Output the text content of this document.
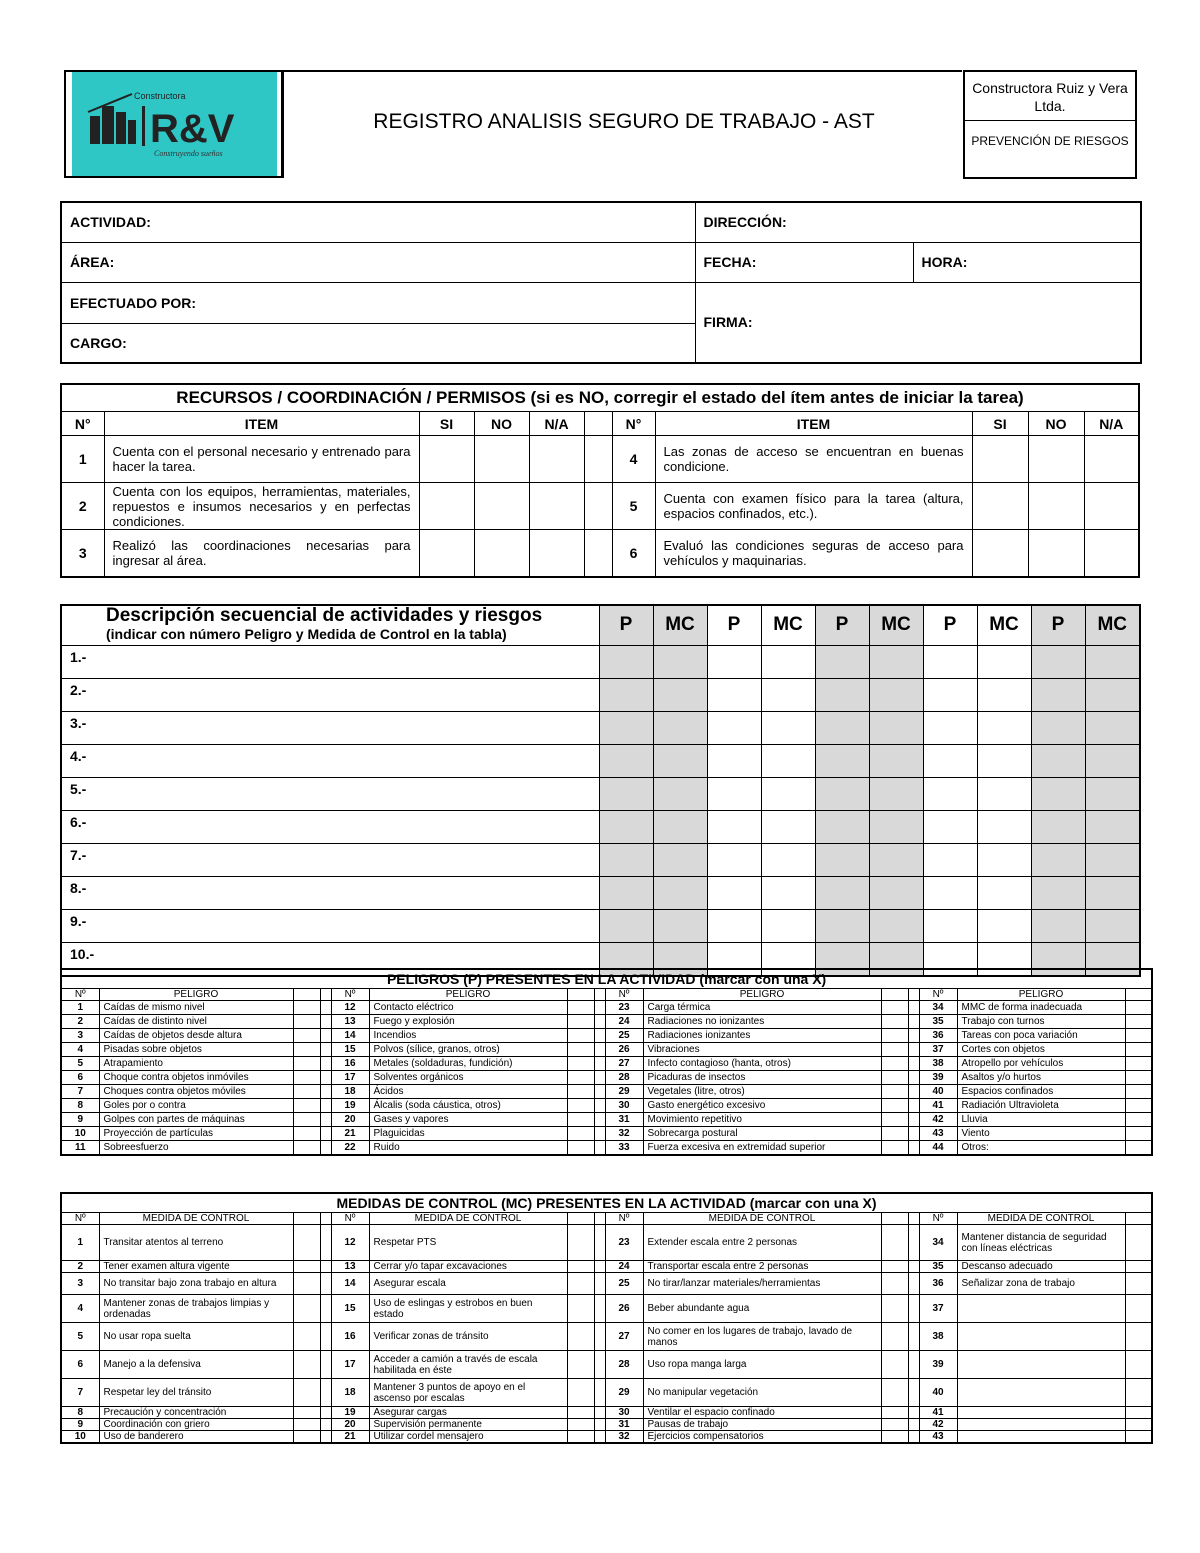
Constructora
R&V
Construyendo sueños
REGISTRO ANALISIS SEGURO DE TRABAJO - AST
Constructora Ruiz y Vera Ltda.
PREVENCIÓN DE RIESGOS
ACTIVIDAD:	DIRECCIÓN:	
ÁREA:	FECHA:	HORA:
EFECTUADO POR:	FIRMA:	
CARGO:		
RECURSOS / COORDINACIÓN / PERMISOS (si es NO, corregir el estado del ítem antes de iniciar la tarea)										
N°	ITEM	SI	NO	N/A		N°	ITEM	SI	NO	N/A
1	Cuenta con el personal necesario y entrenado para hacer la tarea.					4	Las zonas de acceso se encuentran en buenas condicione.			
2	Cuenta con los equipos, herramientas, materiales, repuestos e insumos necesarios y en perfectas condiciones.					5	Cuenta con examen físico para la tarea (altura, espacios confinados, etc.).			
3	Realizó las coordinaciones necesarias para ingresar al área.					6	Evaluó las condiciones seguras de acceso para vehículos y maquinarias.			
Descripción secuencial de actividades y riesgos
(indicar con número Peligro y Medida de Control en la tabla)	P	MC	P	MC	P	MC	P	MC	P	MC
1.-										
2.-										
3.-										
4.-										
5.-										
6.-										
7.-										
8.-										
9.-										
10.-										
PELIGROS (P) PRESENTES EN LA ACTIVIDAD (marcar con una X)														
Nº	PELIGRO			Nº	PELIGRO			Nº	PELIGRO			Nº	PELIGRO	
1	Caídas de mismo nivel			12	Contacto eléctrico			23	Carga térmica			34	MMC de forma inadecuada	
2	Caídas de distinto nivel			13	Fuego y explosión			24	Radiaciones no ionizantes			35	Trabajo con turnos	
3	Caídas de objetos desde altura			14	Incendios			25	Radiaciones ionizantes			36	Tareas con poca variación	
4	Pisadas sobre objetos			15	Polvos (sílice, granos, otros)			26	Vibraciones			37	Cortes con objetos	
5	Atrapamiento			16	Metales (soldaduras, fundición)			27	Infecto contagioso (hanta, otros)			38	Atropello por vehículos	
6	Choque contra objetos inmóviles			17	Solventes orgánicos			28	Picaduras de insectos			39	Asaltos y/o hurtos	
7	Choques contra objetos móviles			18	Ácidos			29	Vegetales (litre, otros)			40	Espacios confinados	
8	Goles por o contra			19	Álcalis (soda cáustica, otros)			30	Gasto energético excesivo			41	Radiación Ultravioleta	
9	Golpes con partes de máquinas			20	Gases y vapores			31	Movimiento repetitivo			42	Lluvia	
10	Proyección de partículas			21	Plaguicidas			32	Sobrecarga postural			43	Viento	
11	Sobreesfuerzo			22	Ruido			33	Fuerza excesiva en extremidad superior			44	Otros:	
MEDIDAS DE CONTROL (MC) PRESENTES EN LA ACTIVIDAD (marcar con una X)														
Nº	MEDIDA DE CONTROL			Nº	MEDIDA DE CONTROL			Nº	MEDIDA DE CONTROL			Nº	MEDIDA DE CONTROL	
1	Transitar atentos al terreno			12	Respetar PTS			23	Extender escala entre 2 personas			34	Mantener distancia de seguridad con líneas eléctricas	
2	Tener examen altura vigente			13	Cerrar y/o tapar excavaciones			24	Transportar escala entre 2 personas			35	Descanso adecuado	
3	No transitar bajo zona trabajo en altura			14	Asegurar escala			25	No tirar/lanzar materiales/herramientas			36	Señalizar zona de trabajo	
4	Mantener zonas de trabajos limpias y ordenadas			15	Uso de eslingas y estrobos en buen estado			26	Beber abundante agua			37		
5	No usar ropa suelta			16	Verificar zonas de tránsito			27	No comer en los lugares de trabajo, lavado de manos			38		
6	Manejo a la defensiva			17	Acceder a camión a través de escala habilitada en éste			28	Uso ropa manga larga			39		
7	Respetar ley del tránsito			18	Mantener 3 puntos de apoyo en el ascenso por escalas			29	No manipular vegetación			40		
8	Precaución y concentración			19	Asegurar cargas			30	Ventilar el espacio confinado			41		
9	Coordinación con griero			20	Supervisión permanente			31	Pausas de trabajo			42		
10	Uso de banderero			21	Utilizar cordel mensajero			32	Ejercicios compensatorios			43		
